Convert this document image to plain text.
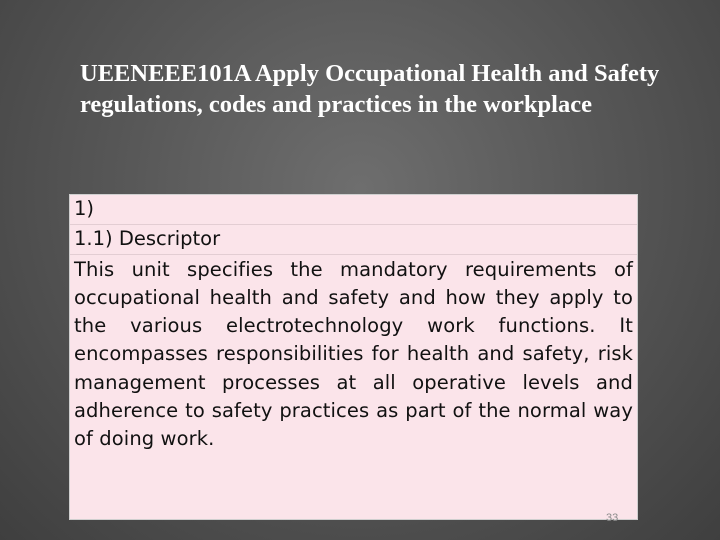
UEENEEE101A Apply Occupational Health and Safety regulations, codes and practices in the workplace

1)

1.1) Descriptor

This unit specifies the mandatory requirements of occupational health and safety and how they apply to the various electrotechnology work functions. It encompasses responsibilities for health and safety, risk management processes at all operative levels and adherence to safety practices as part of the normal way of doing work.

33
